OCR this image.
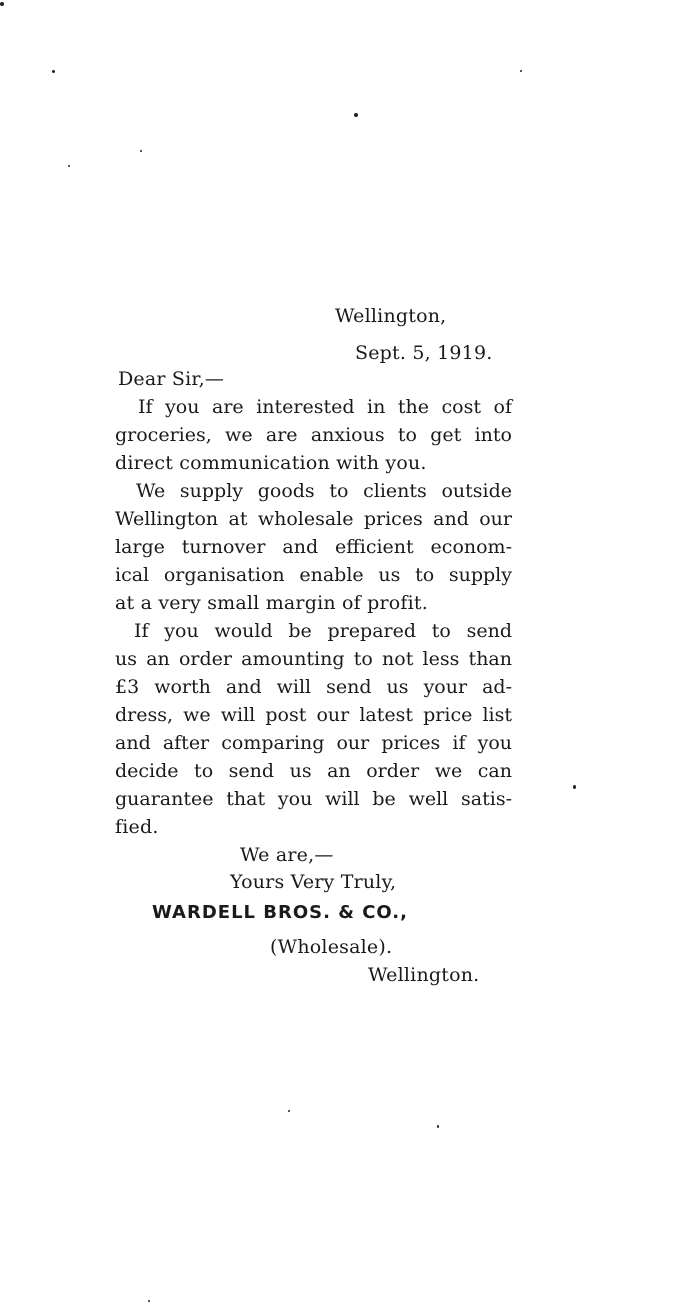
Wellington,
Sept. 5, 1919.
Dear Sir,—
If you are interested in the cost of
groceries, we are anxious to get into
direct communication with you.
We supply goods to clients outside
Wellington at wholesale prices and our
large turnover and efficient econom-
ical organisation enable us to supply
at a very small margin of profit.
If you would be prepared to send
us an order amounting to not less than
£3 worth and will send us your ad-
dress, we will post our latest price list
and after comparing our prices if you
decide to send us an order we can
guarantee that you will be well satis-
fied.
We are,—
Yours Very Truly,
WARDELL BROS. & CO.,
(Wholesale).
Wellington.
